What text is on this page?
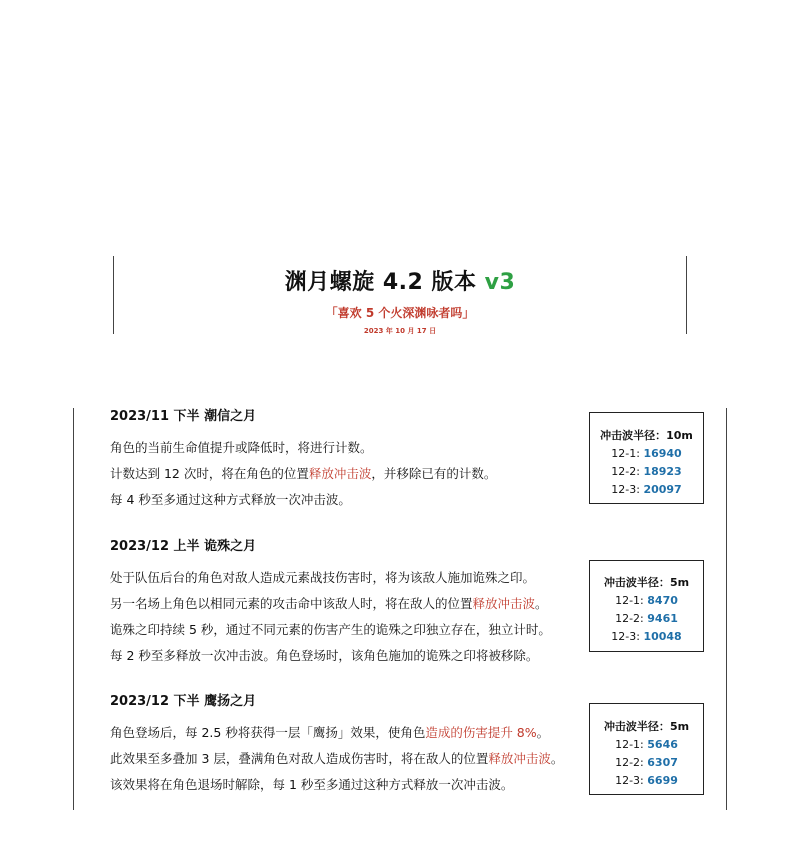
渊月螺旋 4.2 版本 v3
「喜欢 5 个火深渊咏者吗」
2023 年 10 月 17 日
2023/11 下半 潮信之月
角色的当前生命值提升或降低时，将进行计数。
计数达到 12 次时，将在角色的位置释放冲击波，并移除已有的计数。
每 4 秒至多通过这种方式释放一次冲击波。
冲击波半径：10m
12-1: 16940
12-2: 18923
12-3: 20097
2023/12 上半 诡殊之月
处于队伍后台的角色对敌人造成元素战技伤害时，将为该敌人施加诡殊之印。
另一名场上角色以相同元素的攻击命中该敌人时，将在敌人的位置释放冲击波。
诡殊之印持续 5 秒，通过不同元素的伤害产生的诡殊之印独立存在，独立计时。
每 2 秒至多释放一次冲击波。角色登场时，该角色施加的诡殊之印将被移除。
冲击波半径：5m
12-1: 8470
12-2: 9461
12-3: 10048
2023/12 下半 鹰扬之月
角色登场后，每 2.5 秒将获得一层「鹰扬」效果，使角色造成的伤害提升 8%。
此效果至多叠加 3 层，叠满角色对敌人造成伤害时，将在敌人的位置释放冲击波。
该效果将在角色退场时解除，每 1 秒至多通过这种方式释放一次冲击波。
冲击波半径：5m
12-1: 5646
12-2: 6307
12-3: 6699
